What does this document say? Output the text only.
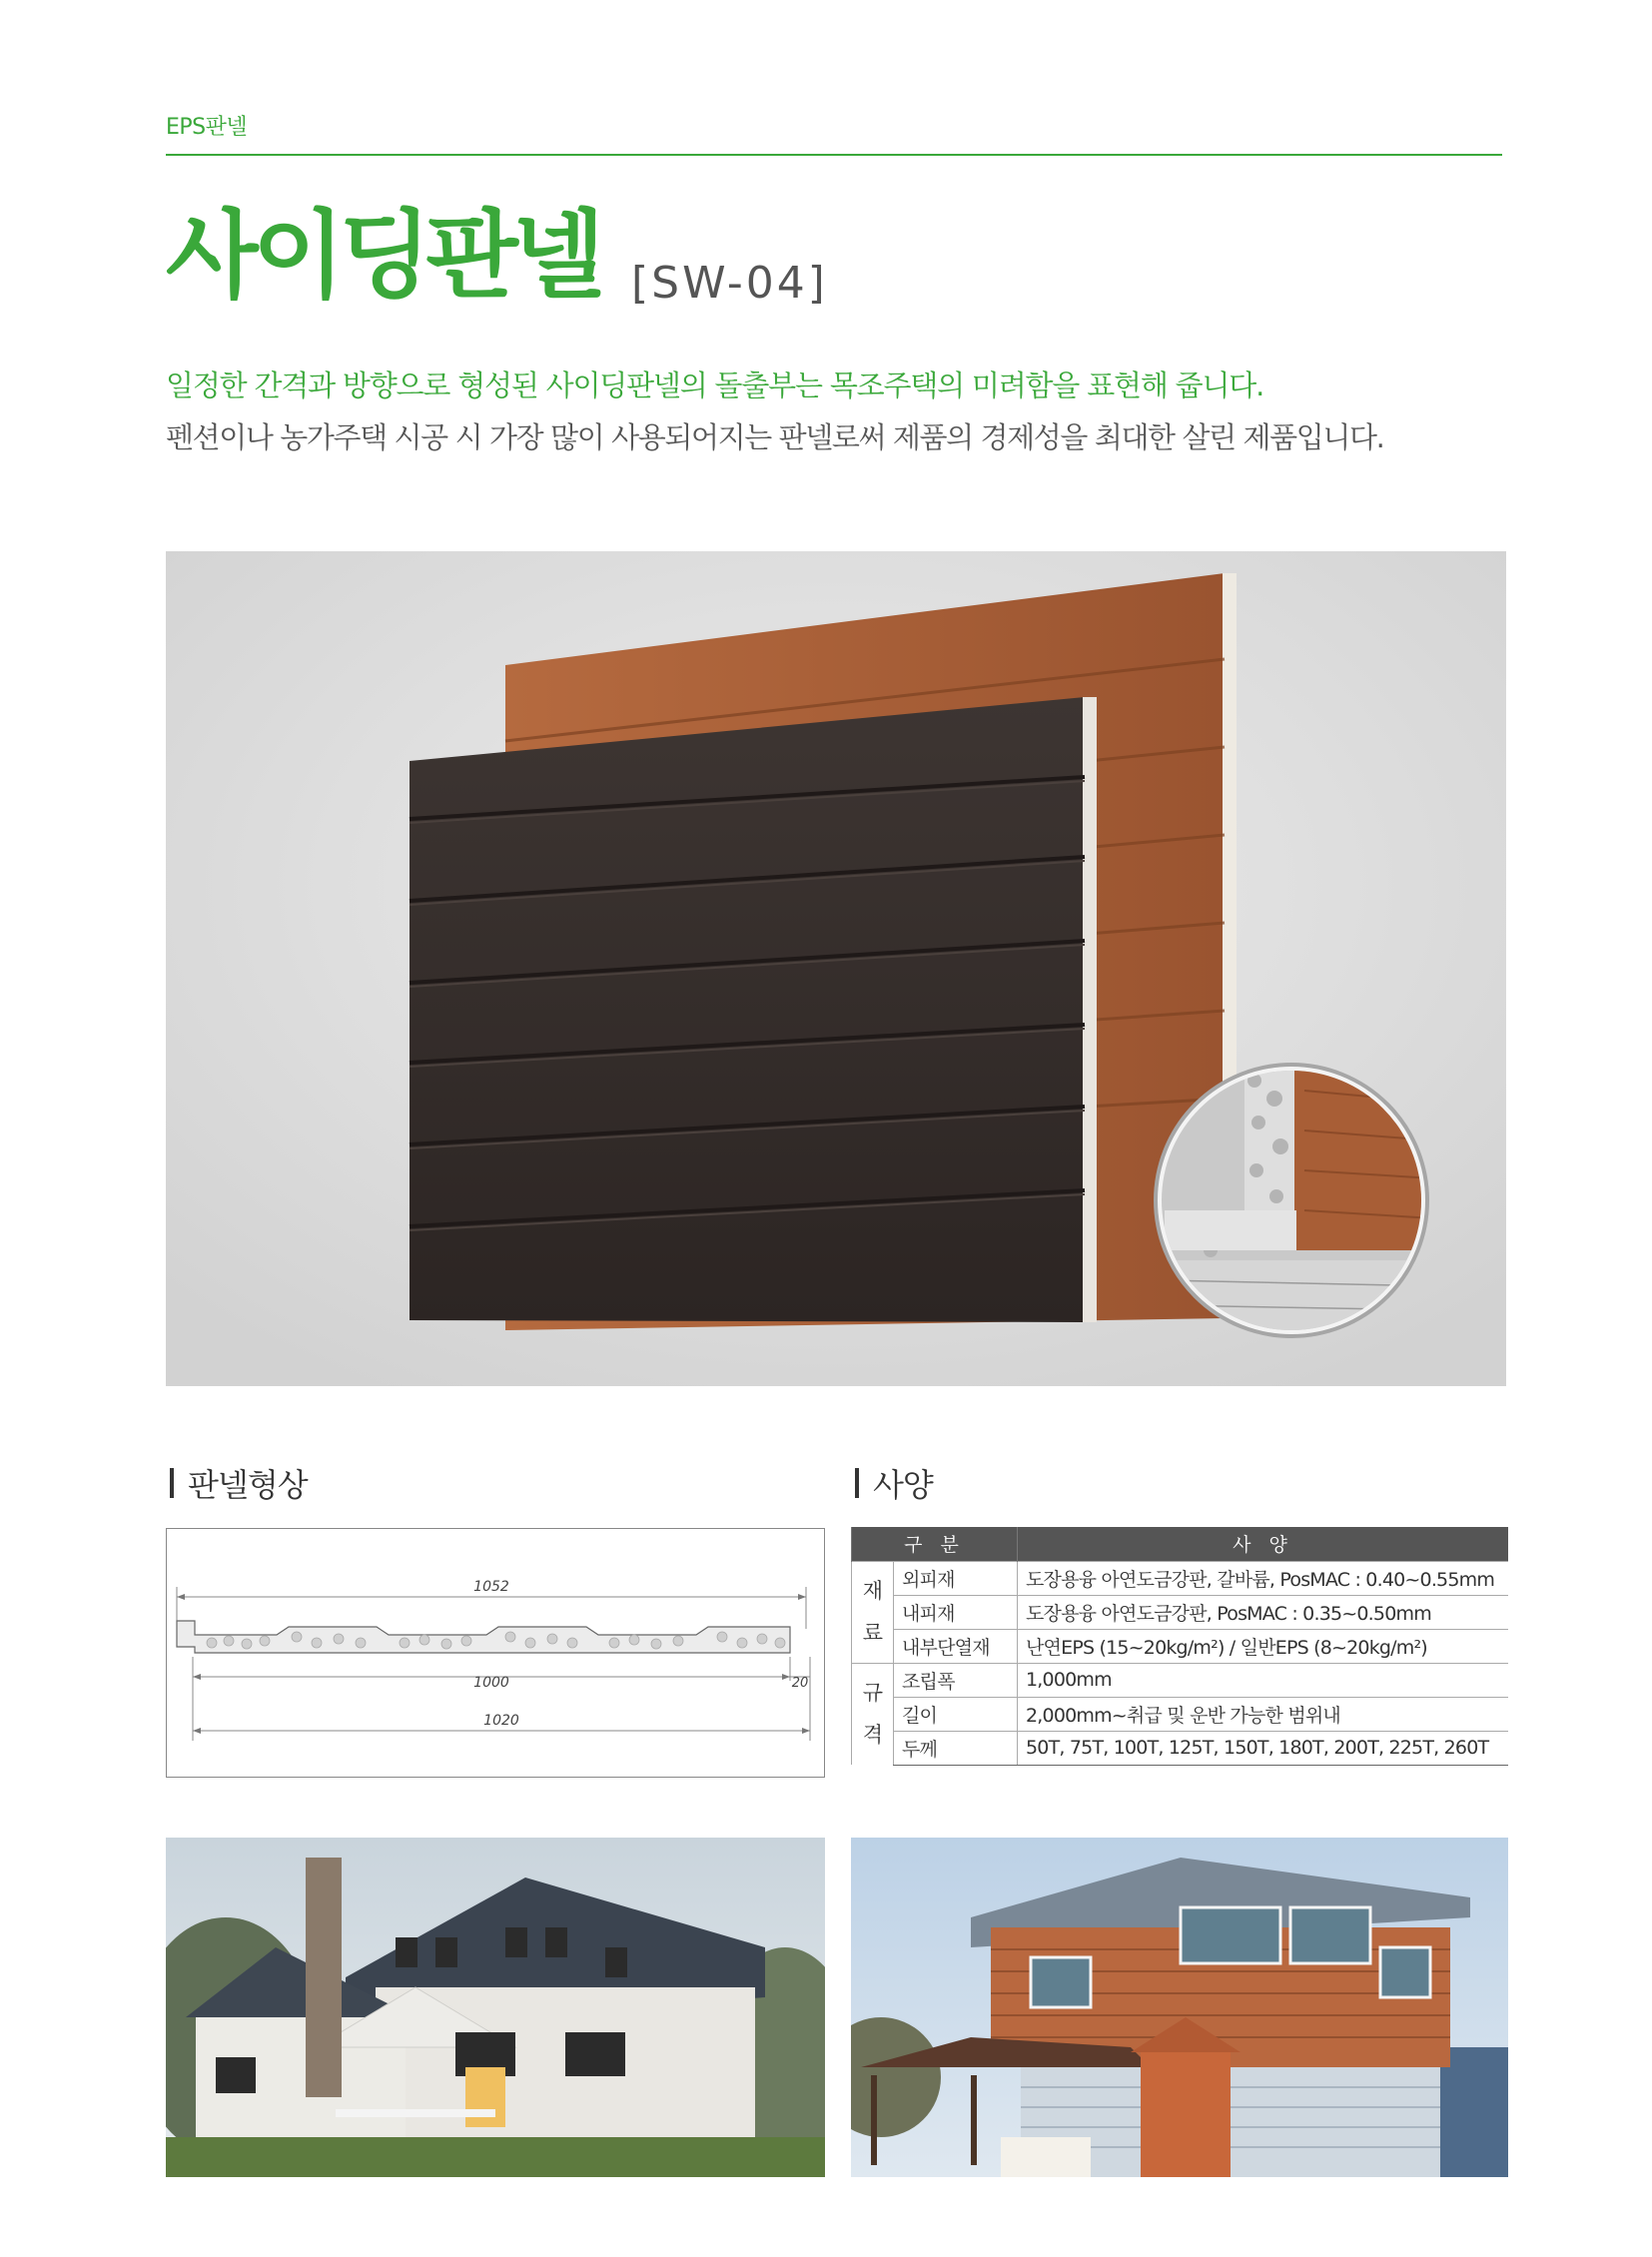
EPS판넬
사이딩판넬 [SW-04]
일정한 간격과 방향으로 형성된 사이딩판넬의 돌출부는 목조주택의 미려함을 표현해 줍니다.
펜션이나 농가주택 시공 시 가장 많이 사용되어지는 판넬로써 제품의 경제성을 최대한 살린 제품입니다.
판넬형상	사양
1052
1000	20
1020
구 분		사 양
재
료	외피재	도장용융 아연도금강판, 갈바륨, PosMAC : 0.40~0.55mm
	내피재	도장용융 아연도금강판, PosMAC : 0.35~0.50mm
	내부단열재	난연EPS (15~20kg/m²) / 일반EPS (8~20kg/m²)
규
격	조립폭	1,000mm
	길이	2,000mm~취급 및 운반 가능한 범위내
	두께	50T, 75T, 100T, 125T, 150T, 180T, 200T, 225T, 260T
